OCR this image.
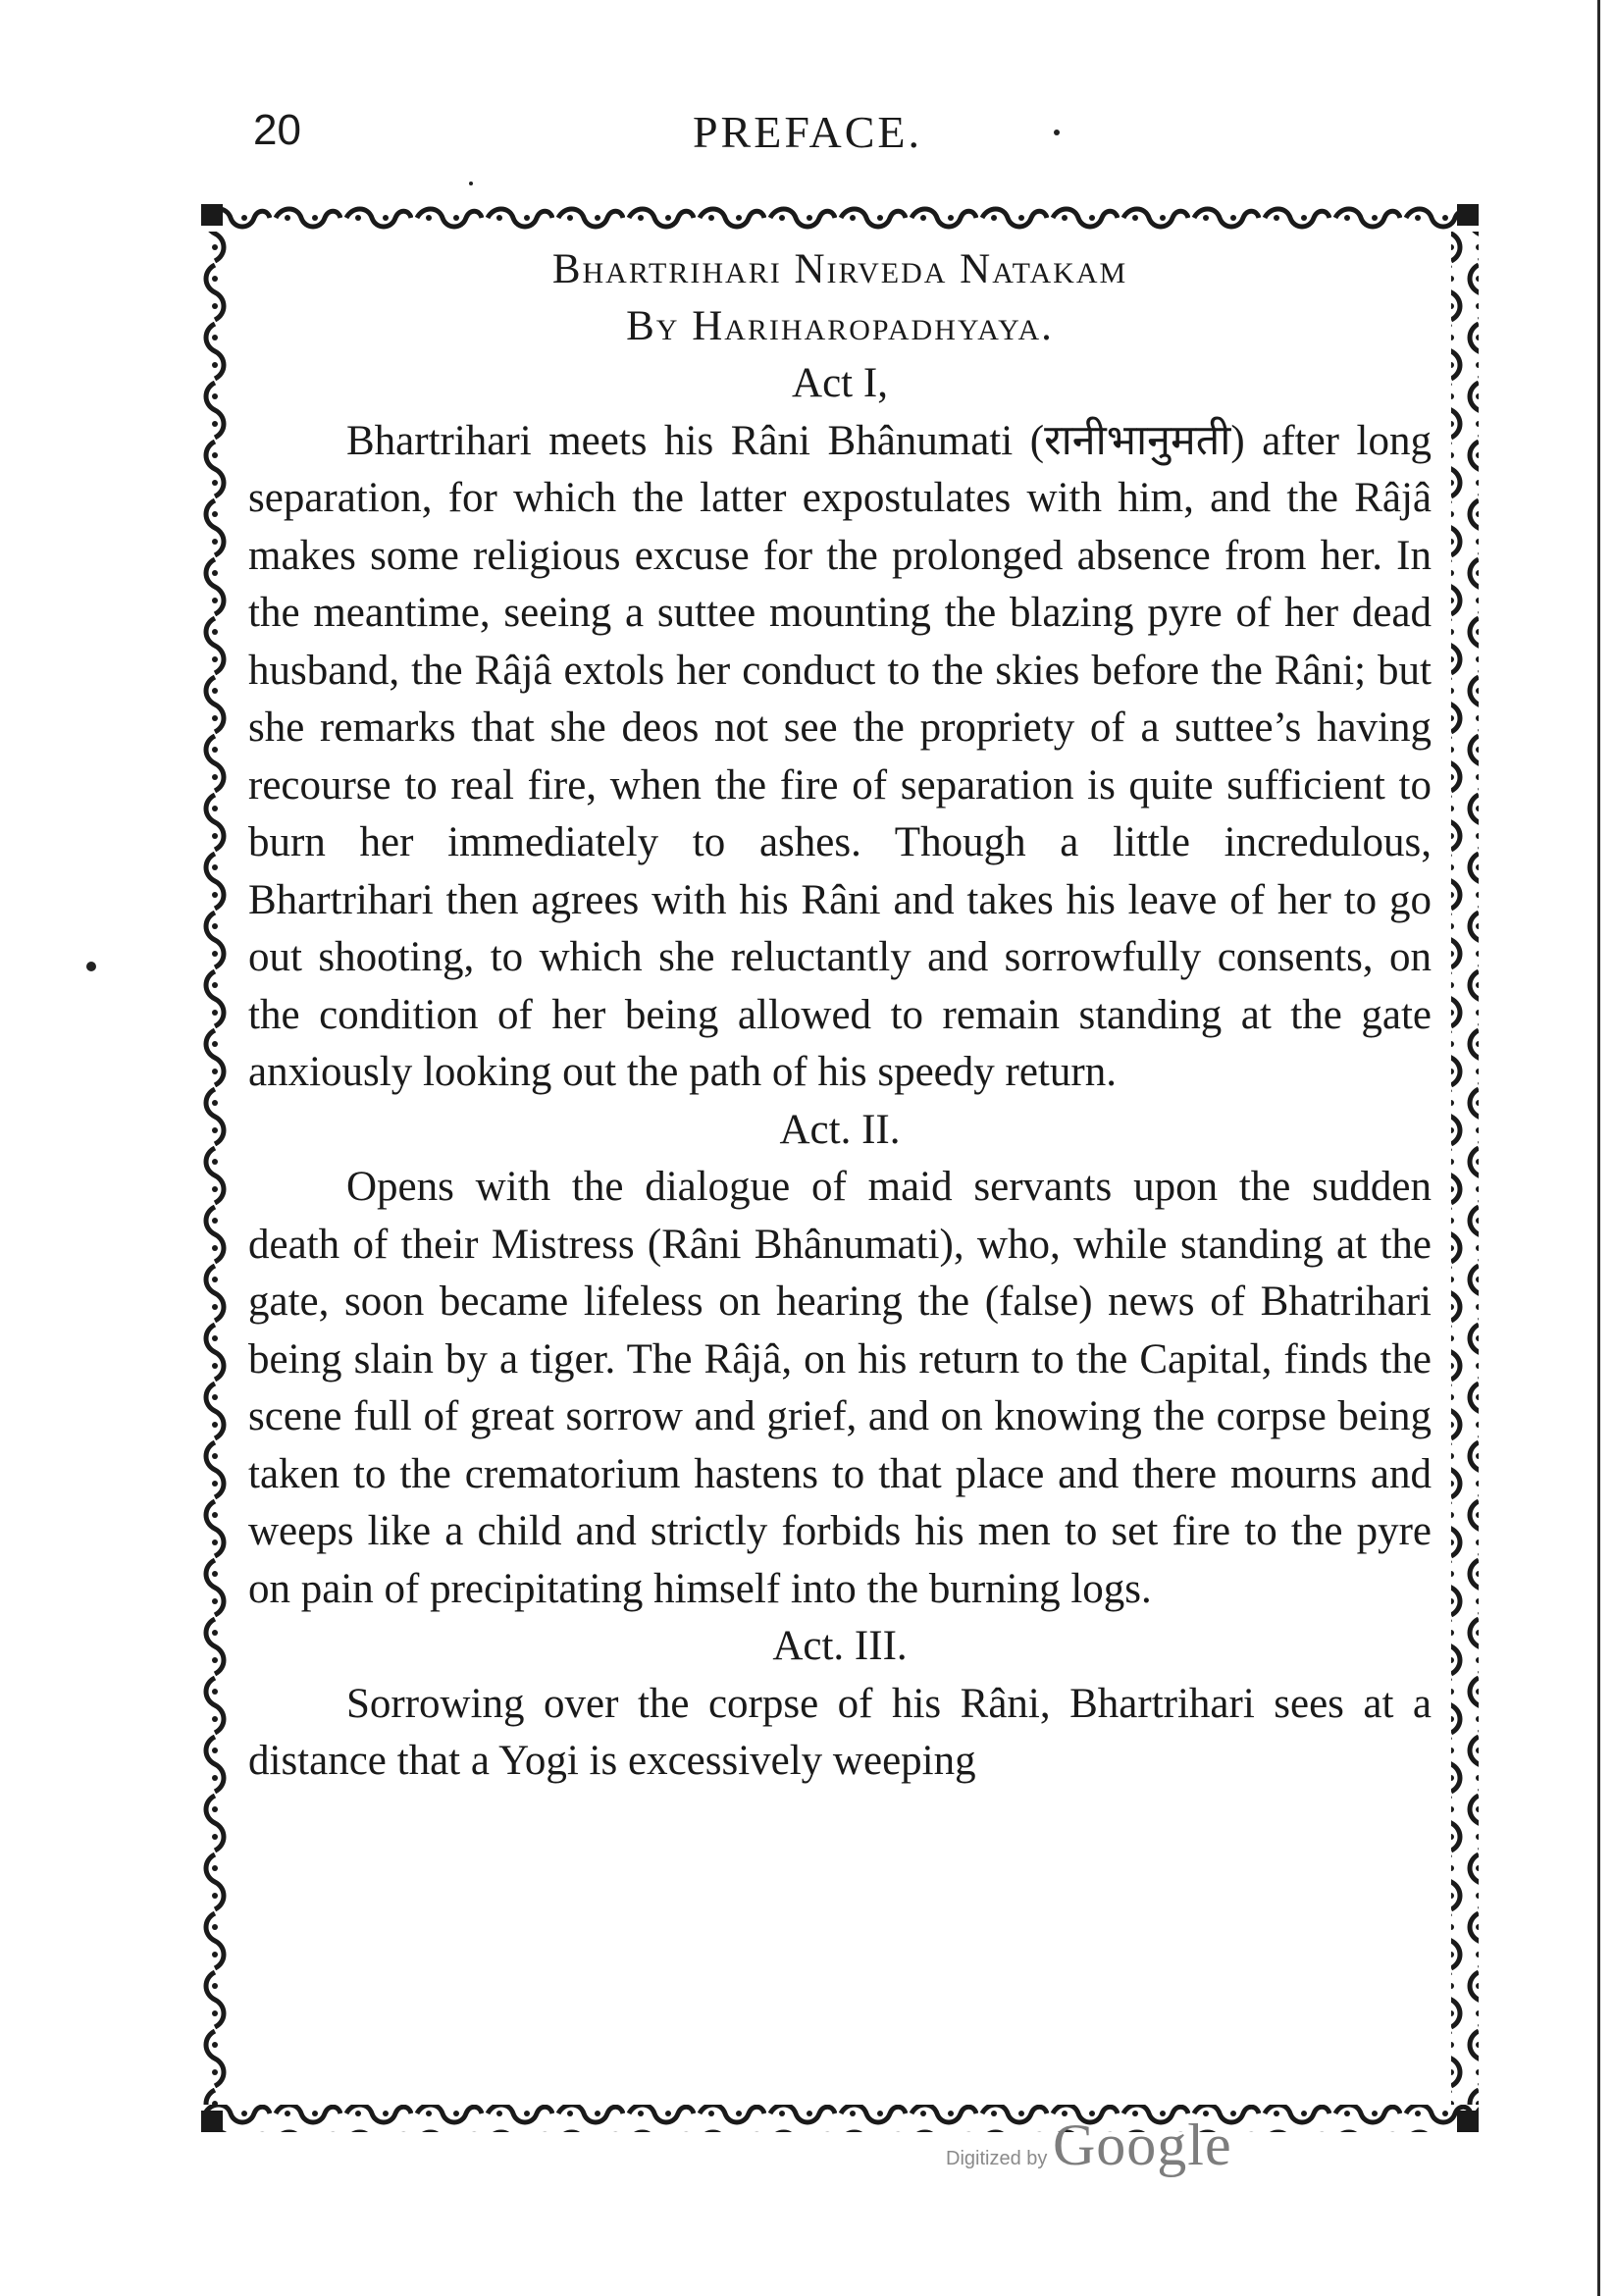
20	PREFACE.

Bhartrihari Nirveda Natakam

By Hariharopadhyaya.

Act I,

Bhartrihari meets his Râni Bhânumati (रानीभानुमती) after long separation, for which the latter expostulates with him, and the Râjâ makes some religious excuse for the prolonged absence from her. In the meantime, seeing a suttee mounting the blazing pyre of her dead husband, the Râjâ extols her conduct to the skies before the Râni; but she remarks that she deos not see the propriety of a suttee’s having recourse to real fire, when the fire of separation is quite sufficient to burn her immediately to ashes. Though a little incredulous, Bhartrihari then agrees with his Râni and takes his leave of her to go out shooting, to which she reluctantly and sorrowfully consents, on the condition of her being allowed to remain standing at the gate anxiously looking out the path of his speedy return.

Act. II.

Opens with the dialogue of maid servants upon the sudden death of their Mistress (Râni Bhânumati), who, while standing at the gate, soon became lifeless on hearing the (false) news of Bhatrihari being slain by a tiger. The Râjâ, on his return to the Capital, finds the scene full of great sorrow and grief, and on knowing the corpse being taken to the crematorium hastens to that place and there mourns and weeps like a child and strictly forbids his men to set fire to the pyre on pain of precipitating himself into the burning logs.

Act. III.

Sorrowing over the corpse of his Râni, Bhartrihari sees at a distance that a Yogi is excessively weeping

Digitized by Google
